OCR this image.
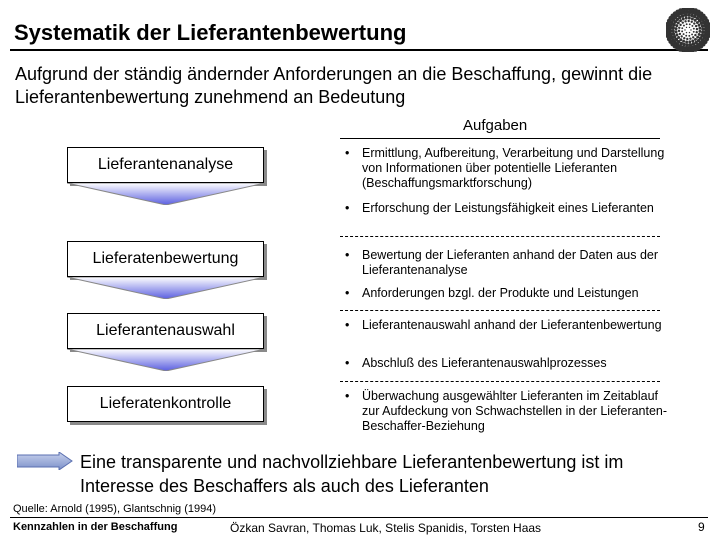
Systematik der Lieferantenbewertung
Aufgrund der ständig ändernder Anforderungen an die Beschaffung, gewinnt die Lieferantenbewertung zunehmend an Bedeutung
Aufgaben
Lieferantenanalyse
Lieferatenbewertung
Lieferantenauswahl
Lieferatenkontrolle
• Ermittlung, Aufbereitung, Verarbeitung und Darstellung von Informationen über potentielle Lieferanten (Beschaffungsmarktforschung)
• Erforschung der Leistungsfähigkeit eines Lieferanten
• Bewertung der Lieferanten anhand der Daten aus der Lieferantenanalyse
• Anforderungen bzgl. der Produkte und Leistungen
• Lieferantenauswahl anhand der Lieferantenbewertung
• Abschluß des Lieferantenauswahlprozesses
• Überwachung ausgewählter Lieferanten im Zeitablauf zur Aufdeckung von Schwachstellen in der Lieferanten-Beschaffer-Beziehung
Eine transparente und nachvollziehbare Lieferantenbewertung ist im Interesse des Beschaffers als auch des Lieferanten
Quelle: Arnold (1995), Glantschnig (1994)
Kennzahlen in der Beschaffung	Özkan Savran, Thomas Luk, Stelis Spanidis, Torsten Haas	9
